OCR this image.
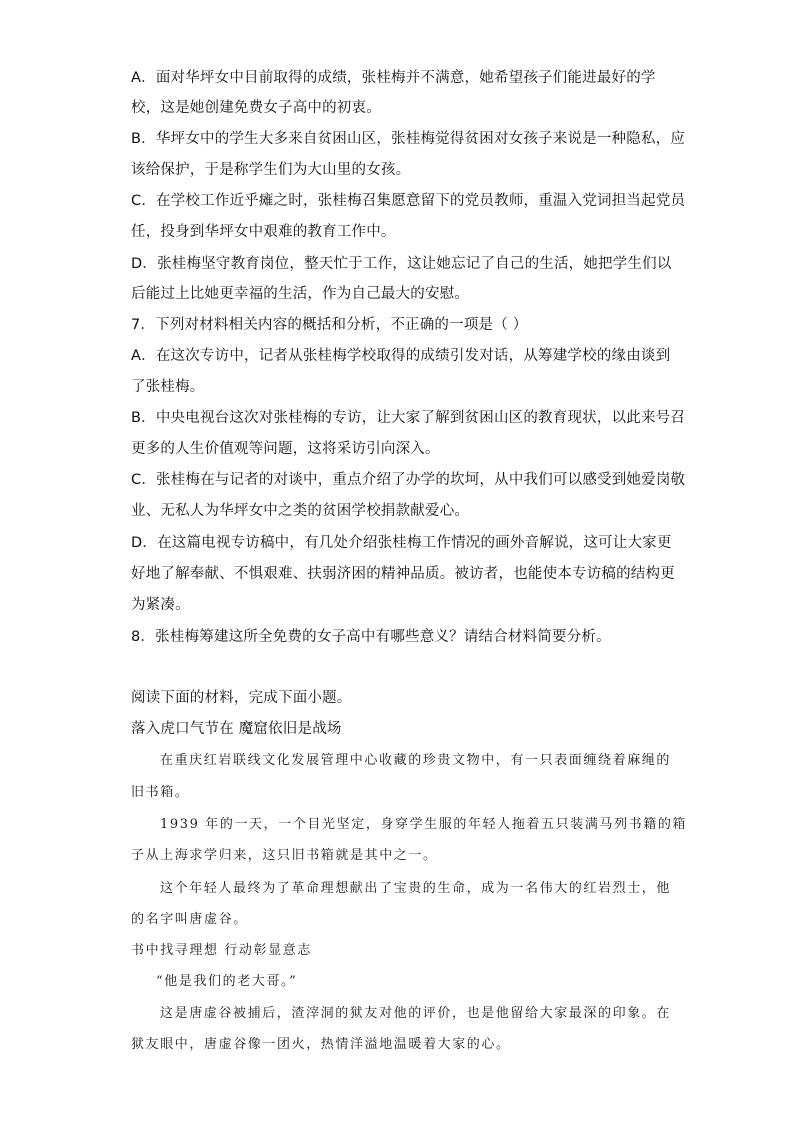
A．面对华坪女中目前取得的成绩，张桂梅并不满意，她希望孩子们能进最好的学
校，这是她创建免费女子高中的初衷。
B．华坪女中的学生大多来自贫困山区，张桂梅觉得贫困对女孩子来说是一种隐私，应
该给保护，于是称学生们为大山里的女孩。
C．在学校工作近乎瘫之时，张桂梅召集愿意留下的党员教师，重温入党词担当起党员
任，投身到华坪女中艰难的教育工作中。
D．张桂梅坚守教育岗位，整天忙于工作，这让她忘记了自己的生活，她把学生们以
后能过上比她更幸福的生活，作为自己最大的安慰。
7．下列对材料相关内容的概括和分析，不正确的一项是（ ）
A．在这次专访中，记者从张桂梅学校取得的成绩引发对话，从筹建学校的缘由谈到
了张桂梅。
B．中央电视台这次对张桂梅的专访，让大家了解到贫困山区的教育现状，以此来号召
更多的人生价值观等问题，这将采访引向深入。
C．张桂梅在与记者的对谈中，重点介绍了办学的坎坷，从中我们可以感受到她爱岗敬
业、无私人为华坪女中之类的贫困学校捐款献爱心。
D．在这篇电视专访稿中，有几处介绍张桂梅工作情况的画外音解说，这可让大家更
好地了解奉献、不惧艰难、扶弱济困的精神品质。被访者，也能使本专访稿的结构更
为紧凑。
8．张桂梅筹建这所全免费的女子高中有哪些意义？请结合材料简要分析。
阅读下面的材料，完成下面小题。
落入虎口气节在 魔窟依旧是战场
在重庆红岩联线文化发展管理中心收藏的珍贵文物中，有一只表面缠绕着麻绳的
旧书箱。
1939 年的一天，一个目光坚定，身穿学生服的年轻人拖着五只装满马列书籍的箱
子从上海求学归来，这只旧书箱就是其中之一。
这个年轻人最终为了革命理想献出了宝贵的生命，成为一名伟大的红岩烈士，他
的名字叫唐虚谷。
书中找寻理想 行动彰显意志
“他是我们的老大哥。”
这是唐虚谷被捕后，渣滓洞的狱友对他的评价，也是他留给大家最深的印象。在
狱友眼中，唐虚谷像一团火，热情洋溢地温暖着大家的心。
